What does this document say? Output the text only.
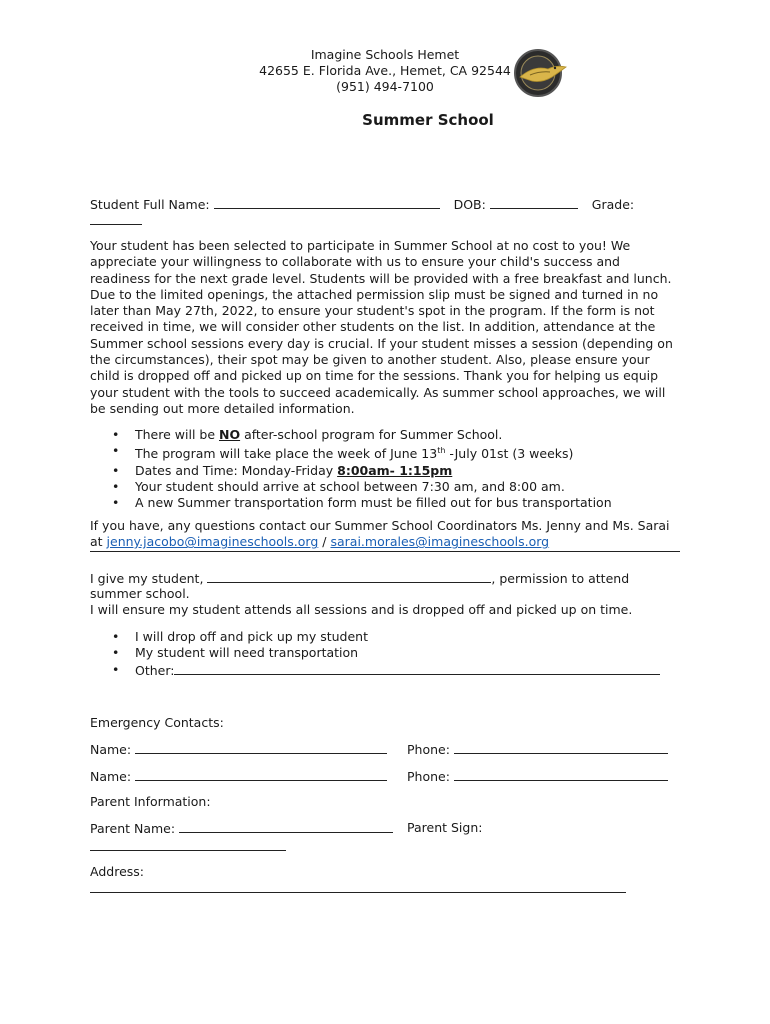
Imagine Schools Hemet
42655 E. Florida Ave., Hemet, CA 92544
(951) 494-7100
Summer School
Student Full Name:	DOB:	Grade:
Your student has been selected to participate in Summer School at no cost to you! We
appreciate your willingness to collaborate with us to ensure your child's success and
readiness for the next grade level. Students will be provided with a free breakfast and lunch.
Due to the limited openings, the attached permission slip must be signed and turned in no
later than May 27th, 2022, to ensure your student's spot in the program. If the form is not
received in time, we will consider other students on the list. In addition, attendance at the
Summer school sessions every day is crucial. If your student misses a session (depending on
the circumstances), their spot may be given to another student. Also, please ensure your
child is dropped off and picked up on time for the sessions. Thank you for helping us equip
your student with the tools to succeed academically. As summer school approaches, we will
be sending out more detailed information.
• There will be NO after-school program for Summer School.
• The program will take place the week of June 13th -July 01st (3 weeks)
• Dates and Time: Monday-Friday 8:00am- 1:15pm
• Your student should arrive at school between 7:30 am, and 8:00 am.
• A new Summer transportation form must be filled out for bus transportation
If you have, any questions contact our Summer School Coordinators Ms. Jenny and Ms. Sarai
at jenny.jacobo@imagineschools.org / sarai.morales@imagineschools.org
I give my student,	, permission to attend
summer school.
I will ensure my student attends all sessions and is dropped off and picked up on time.
• I will drop off and pick up my student
• My student will need transportation
• Other:
Emergency Contacts:
Name:	Phone:
Name:	Phone:
Parent Information:
Parent Name:	Parent Sign:
Address:
